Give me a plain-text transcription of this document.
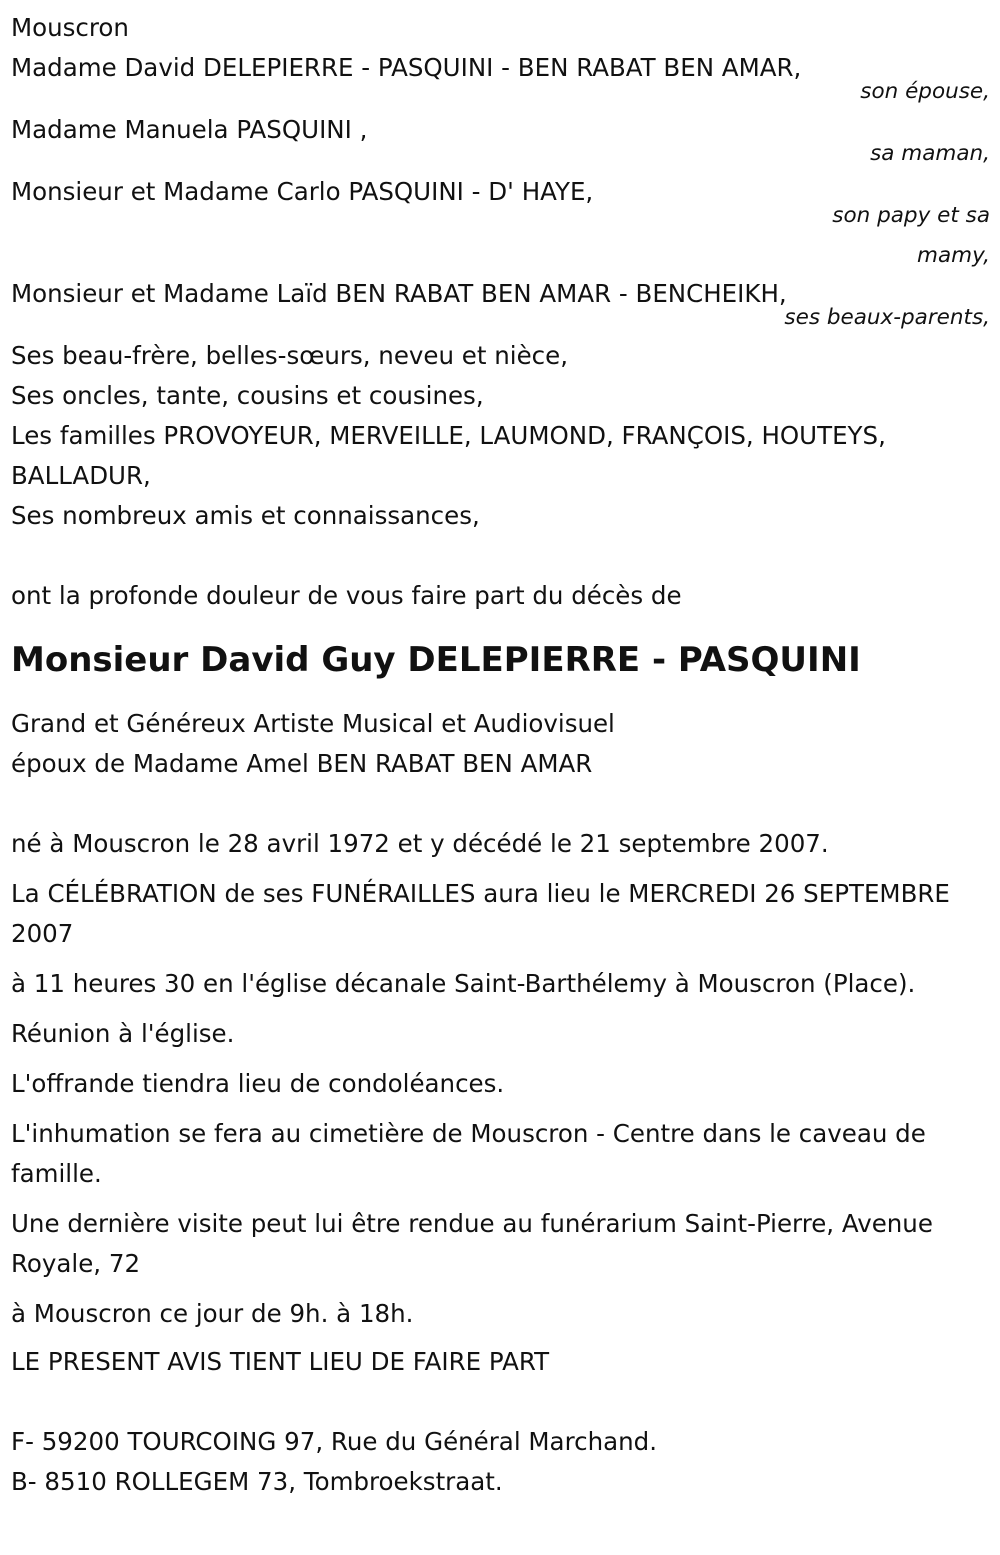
Mouscron
Madame David DELEPIERRE - PASQUINI - BEN RABAT BEN AMAR,
son épouse,
Madame Manuela PASQUINI ,
sa maman,
Monsieur et Madame Carlo PASQUINI - D' HAYE,
son papy et sa
mamy,
Monsieur et Madame Laïd BEN RABAT BEN AMAR - BENCHEIKH,
ses beaux-parents,
Ses beau-frère, belles-sœurs, neveu et nièce,
Ses oncles, tante, cousins et cousines,
Les familles PROVOYEUR, MERVEILLE, LAUMOND, FRANÇOIS, HOUTEYS, BALLADUR,
Ses nombreux amis et connaissances,
ont la profonde douleur de vous faire part du décès de
Monsieur David Guy DELEPIERRE - PASQUINI
Grand et Généreux Artiste Musical et Audiovisuel
époux de Madame Amel BEN RABAT BEN AMAR
né à Mouscron le 28 avril 1972 et y décédé le 21 septembre 2007.
La CÉLÉBRATION de ses FUNÉRAILLES aura lieu le MERCREDI 26 SEPTEMBRE 2007
à 11 heures 30 en l'église décanale Saint-Barthélemy à Mouscron (Place).
Réunion à l'église.
L'offrande tiendra lieu de condoléances.
L'inhumation se fera au cimetière de Mouscron - Centre dans le caveau de famille.
Une dernière visite peut lui être rendue au funérarium Saint-Pierre, Avenue Royale, 72
à Mouscron ce jour de 9h. à 18h.
LE PRESENT AVIS TIENT LIEU DE FAIRE PART
F- 59200 TOURCOING 97, Rue du Général Marchand.
B- 8510 ROLLEGEM 73, Tombroekstraat.
